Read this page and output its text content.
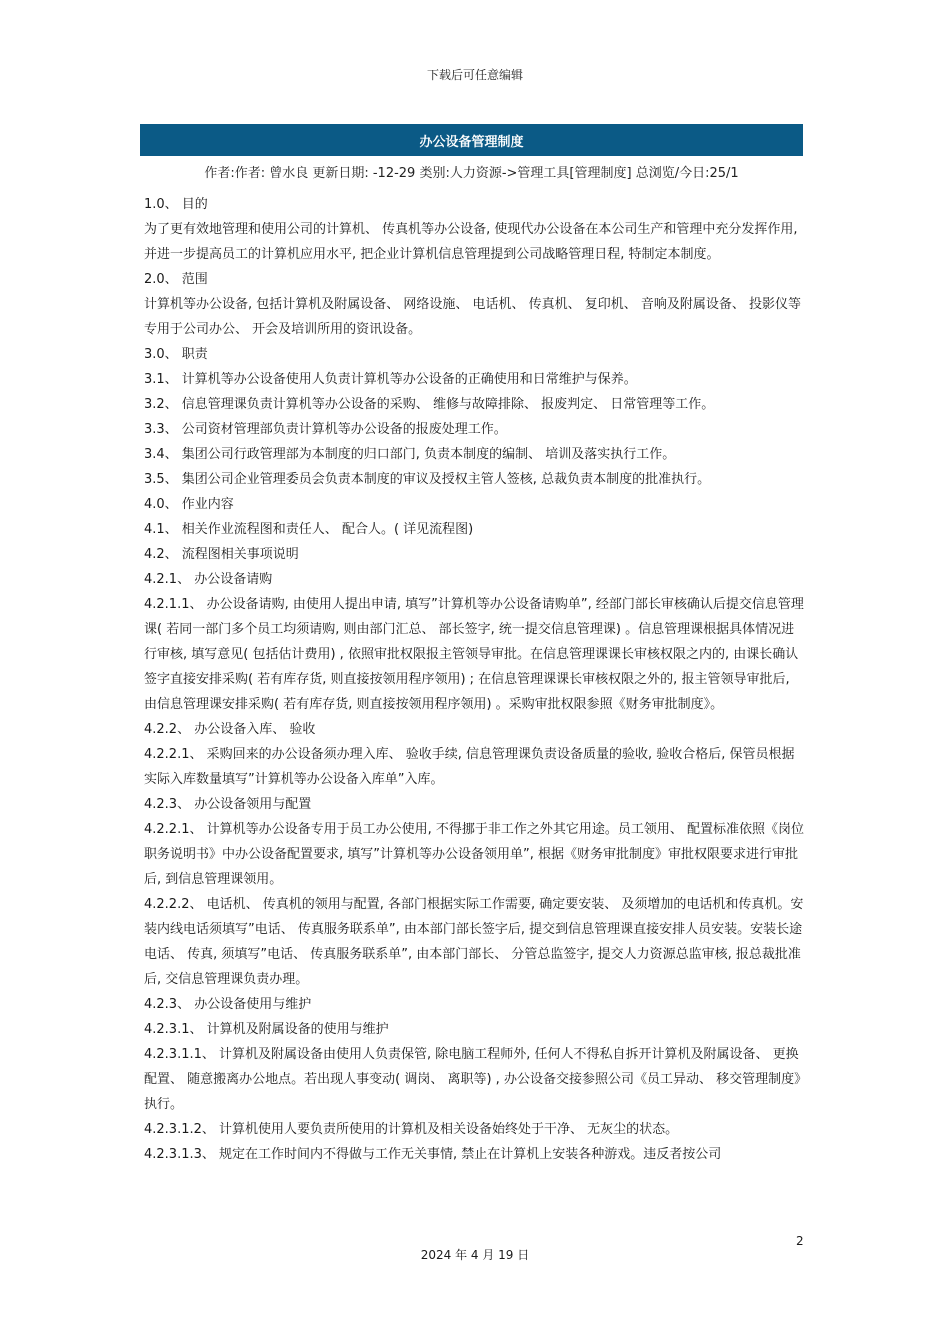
下载后可任意编辑
办公设备管理制度
作者:作者: 曾水良 更新日期: -12-29 类别:人力资源->管理工具[管理制度] 总浏览/今日:25/1

1.0、 目的

为了更有效地管理和使用公司的计算机、 传真机等办公设备, 使现代办公设备在本公司生产和管理中充分发挥作用, 并进一步提高员工的计算机应用水平, 把企业计算机信息管理提到公司战略管理日程, 特制定本制度。

2.0、 范围

计算机等办公设备, 包括计算机及附属设备、 网络设施、 电话机、 传真机、 复印机、 音响及附属设备、 投影仪等专用于公司办公、 开会及培训所用的资讯设备。

3.0、 职责

3.1、 计算机等办公设备使用人负责计算机等办公设备的正确使用和日常维护与保养。

3.2、 信息管理课负责计算机等办公设备的采购、 维修与故障排除、 报废判定、 日常管理等工作。

3.3、 公司资材管理部负责计算机等办公设备的报废处理工作。

3.4、 集团公司行政管理部为本制度的归口部门, 负责本制度的编制、 培训及落实执行工作。

3.5、 集团公司企业管理委员会负责本制度的审议及授权主管人签核, 总裁负责本制度的批准执行。

4.0、 作业内容

4.1、 相关作业流程图和责任人、 配合人。( 详见流程图)

4.2、 流程图相关事项说明

4.2.1、 办公设备请购

4.2.1.1、 办公设备请购, 由使用人提出申请, 填写”计算机等办公设备请购单”, 经部门部长审核确认后提交信息管理课( 若同一部门多个员工均须请购, 则由部门汇总、 部长签字, 统一提交信息管理课) 。信息管理课根据具体情况进行审核, 填写意见( 包括估计费用) , 依照审批权限报主管领导审批。在信息管理课课长审核权限之内的, 由课长确认签字直接安排采购( 若有库存货, 则直接按领用程序领用) ; 在信息管理课课长审核权限之外的, 报主管领导审批后, 由信息管理课安排采购( 若有库存货, 则直接按领用程序领用) 。采购审批权限参照《财务审批制度》。

4.2.2、 办公设备入库、 验收

4.2.2.1、 采购回来的办公设备须办理入库、 验收手续, 信息管理课负责设备质量的验收, 验收合格后, 保管员根据实际入库数量填写”计算机等办公设备入库单”入库。

4.2.3、 办公设备领用与配置

4.2.2.1、 计算机等办公设备专用于员工办公使用, 不得挪于非工作之外其它用途。员工领用、 配置标准依照《岗位职务说明书》中办公设备配置要求, 填写”计算机等办公设备领用单”, 根据《财务审批制度》审批权限要求进行审批后, 到信息管理课领用。

4.2.2.2、 电话机、 传真机的领用与配置, 各部门根据实际工作需要, 确定要安装、 及须增加的电话机和传真机。安装内线电话须填写”电话、 传真服务联系单”, 由本部门部长签字后, 提交到信息管理课直接安排人员安装。安装长途电话、 传真, 须填写”电话、 传真服务联系单”, 由本部门部长、 分管总监签字, 提交人力资源总监审核, 报总裁批准后, 交信息管理课负责办理。

4.2.3、 办公设备使用与维护

4.2.3.1、 计算机及附属设备的使用与维护

4.2.3.1.1、 计算机及附属设备由使用人负责保管, 除电脑工程师外, 任何人不得私自拆开计算机及附属设备、 更换配置、 随意搬离办公地点。若出现人事变动( 调岗、 离职等) , 办公设备交接参照公司《员工异动、 移交管理制度》执行。

4.2.3.1.2、 计算机使用人要负责所使用的计算机及相关设备始终处于干净、 无灰尘的状态。

4.2.3.1.3、 规定在工作时间内不得做与工作无关事情, 禁止在计算机上安装各种游戏。违反者按公司

2
2024 年 4 月 19 日
